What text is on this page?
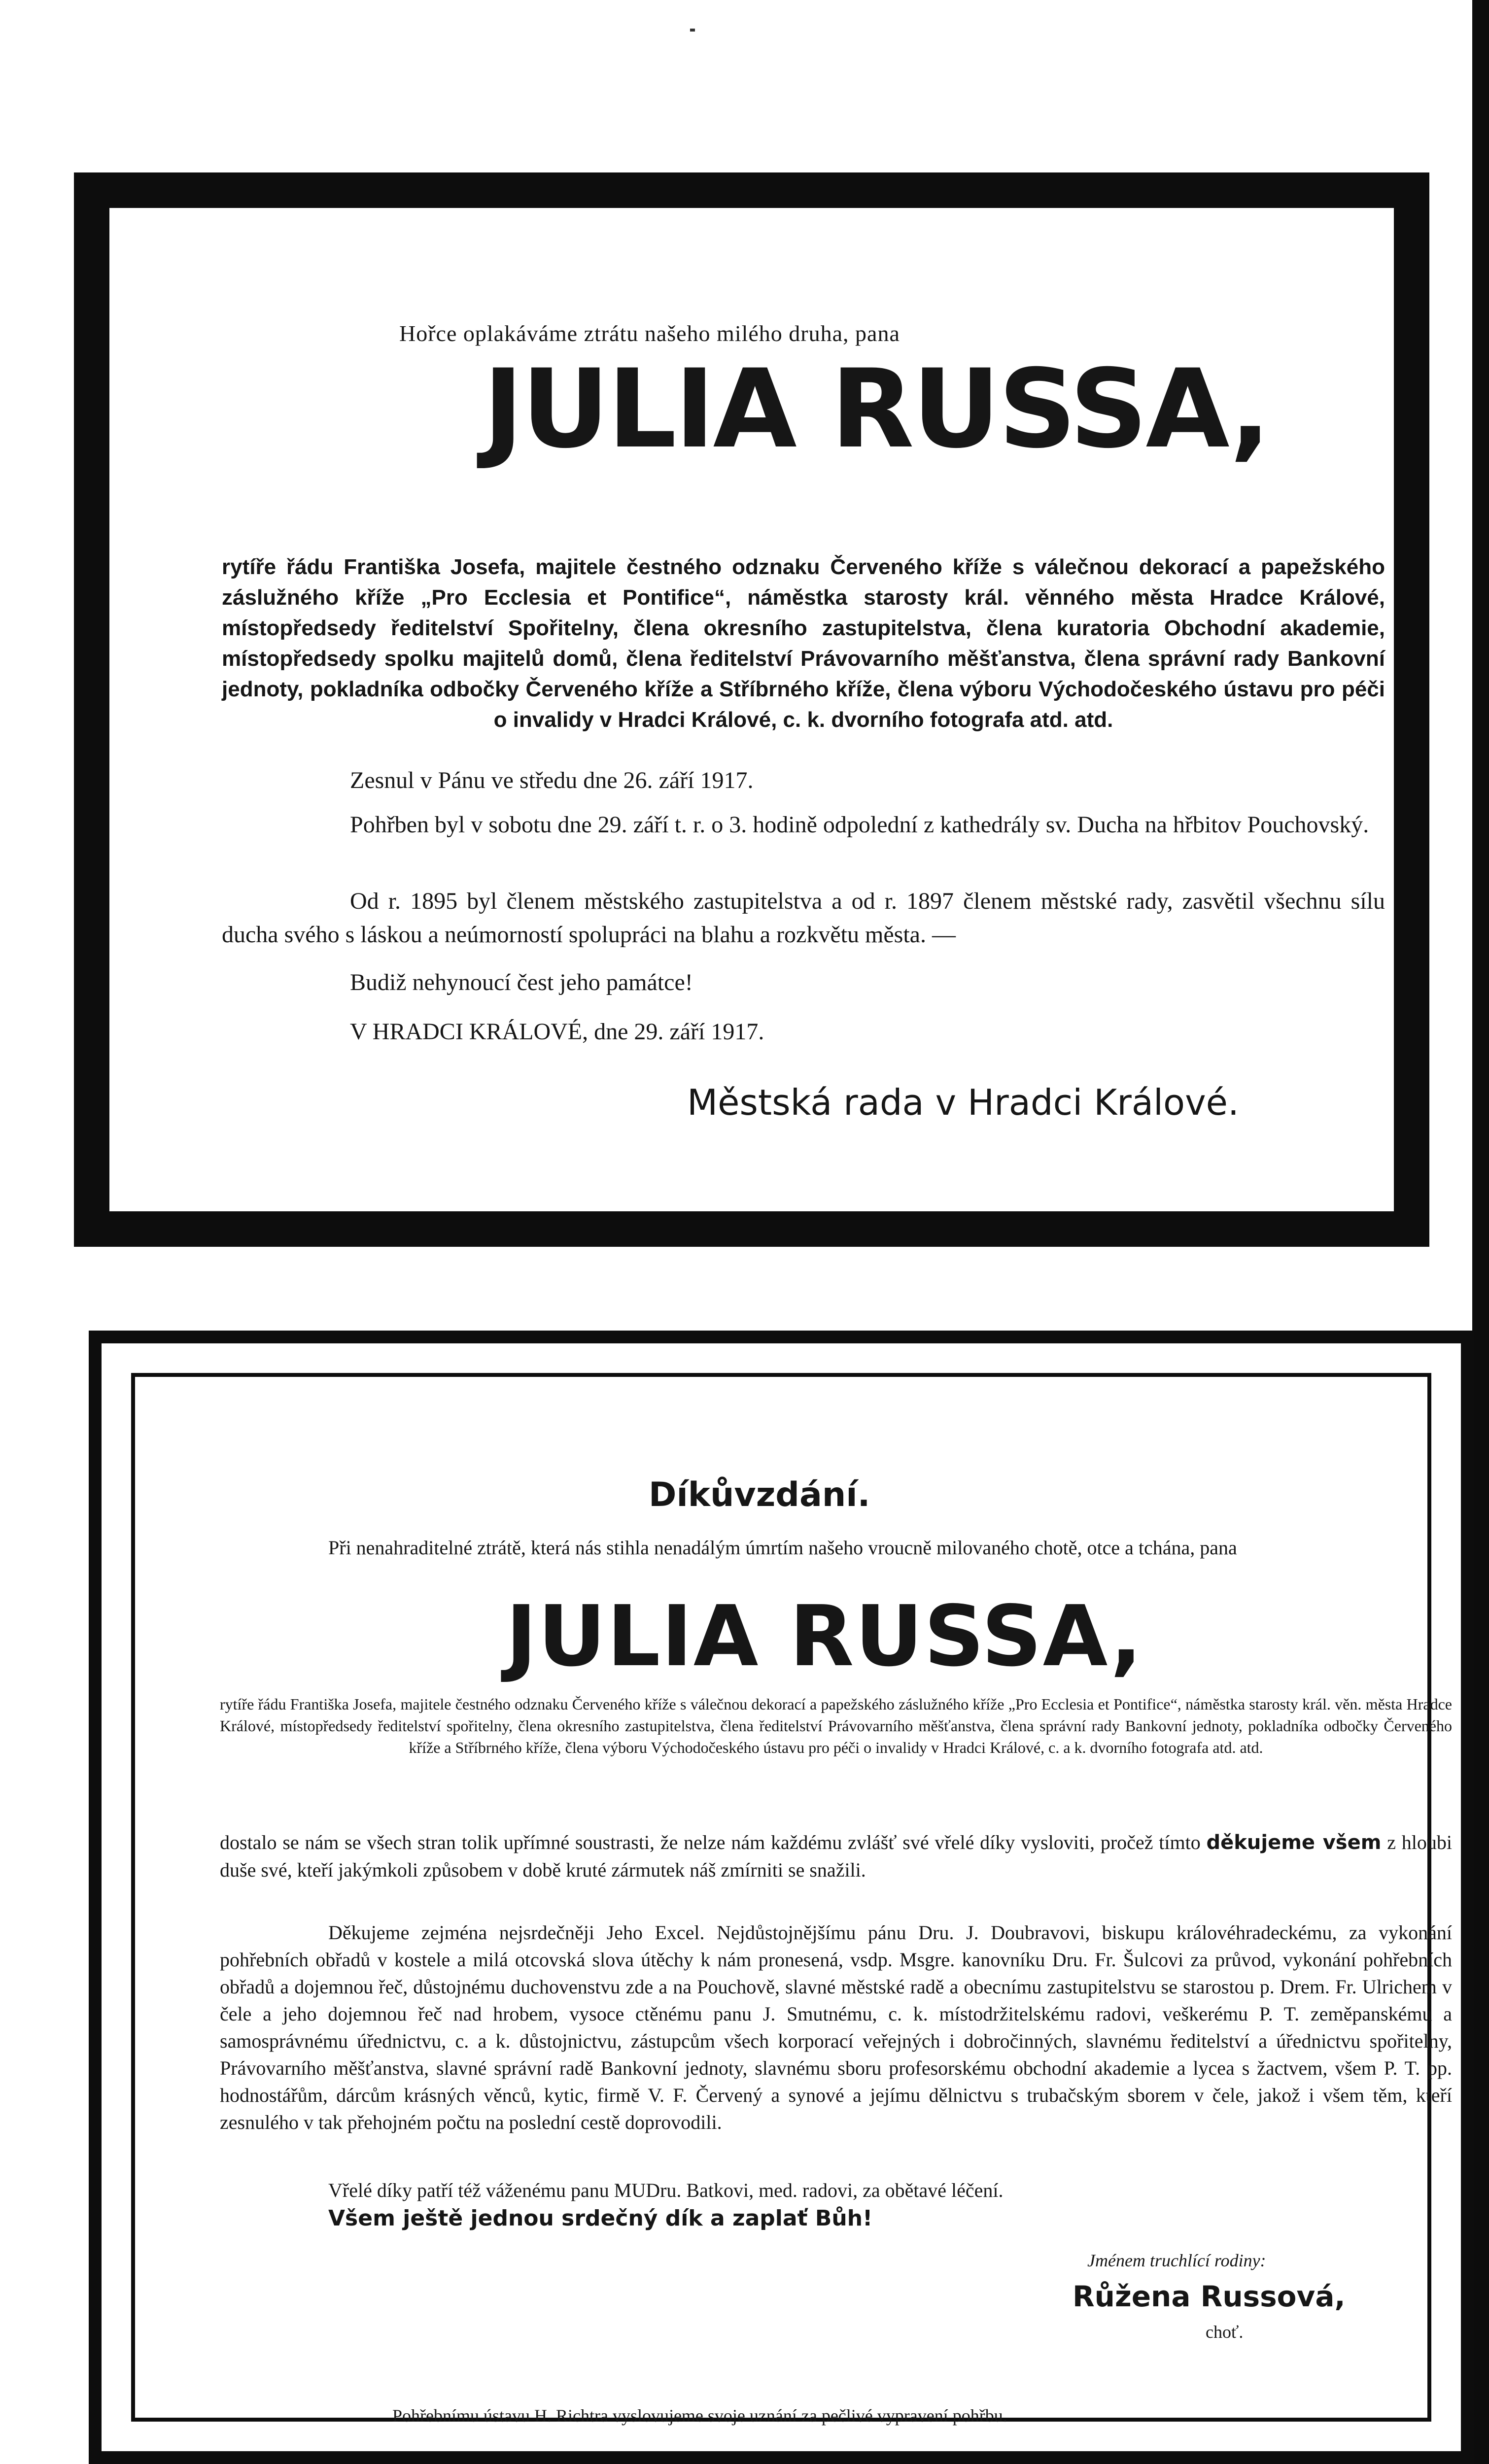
Hořce oplakáváme ztrátu našeho milého druha, pana
JULIA RUSSA,
rytíře řádu Františka Josefa, majitele čestného odznaku Červeného kříže s válečnou dekorací a papežského záslužného kříže „Pro Ecclesia et Pontifice“, náměstka starosty král. věnného města Hradce Králové, místopředsedy ředitelství Spořitelny, člena okresního zastupitelstva, člena kuratoria Obchodní akademie, místopředsedy spolku majitelů domů, člena ředitelství Právovarního měšťanstva, člena správní rady Bankovní jednoty, pokladníka odbočky Červeného kříže a Stříbrného kříže, člena výboru Východočeského ústavu pro péči o invalidy v Hradci Králové, c. k. dvorního fotografa atd. atd.
Zesnul v Pánu ve středu dne 26. září 1917.
Pohřben byl v sobotu dne 29. září t. r. o 3. hodině odpolední z kathedrály sv. Ducha na hřbitov Pouchovský.
Od r. 1895 byl členem městského zastupitelstva a od r. 1897 členem městské rady, zasvětil všechnu sílu ducha svého s láskou a neúmorností spolupráci na blahu a rozkvětu města. —
Budiž nehynoucí čest jeho památce!
V HRADCI KRÁLOVÉ, dne 29. září 1917.
Městská rada v Hradci Králové.
Díkůvzdání.
Při nenahraditelné ztrátě, která nás stihla nenadálým úmrtím našeho vroucně milovaného chotě, otce a tchána, pana
JULIA RUSSA,
rytíře řádu Františka Josefa, majitele čestného odznaku Červeného kříže s válečnou dekorací a papežského záslužného kříže „Pro Ecclesia et Pontifice“, náměstka starosty král. věn. města Hradce Králové, místopředsedy ředitelství spořitelny, člena okresního zastupitelstva, člena ředitelství Právovarního měšťanstva, člena správní rady Bankovní jednoty, pokladníka odbočky Červeného kříže a Stříbrného kříže, člena výboru Východočeského ústavu pro péči o invalidy v Hradci Králové, c. a k. dvorního fotografa atd. atd.
dostalo se nám se všech stran tolik upřímné soustrasti, že nelze nám každému zvlášť své vřelé díky vysloviti, pročež tímto děkujeme všem z hloubi duše své, kteří jakýmkoli způsobem v době kruté zármutek náš zmírniti se snažili.
Děkujeme zejména nejsrdečněji Jeho Excel. Nejdůstojnějšímu pánu Dru. J. Doubravovi, biskupu královéhradeckému, za vykonání pohřebních obřadů v kostele a milá otcovská slova útěchy k nám pronesená, vsdp. Msgre. kanovníku Dru. Fr. Šulcovi za průvod, vykonání pohřebních obřadů a dojemnou řeč, důstojnému duchovenstvu zde a na Pouchově, slavné městské radě a obecnímu zastupitelstvu se starostou p. Drem. Fr. Ulrichem v čele a jeho dojemnou řeč nad hrobem, vysoce ctěnému panu J. Smutnému, c. k. místodržitelskému radovi, veškerému P. T. zeměpanskému a samosprávnému úřednictvu, c. a k. důstojnictvu, zástupcům všech korporací veřejných i dobročinných, slavnému ředitelství a úřednictvu spořitelny, Právovarního měšťanstva, slavné správní radě Bankovní jednoty, slavnému sboru profesorskému obchodní akademie a lycea s žactvem, všem P. T. pp. hodnostářům, dárcům krásných věnců, kytic, firmě V. F. Červený a synové a jejímu dělnictvu s trubačským sborem v čele, jakož i všem těm, kteří zesnulého v tak přehojném počtu na poslední cestě doprovodili.
Vřelé díky patří též váženému panu MUDru. Batkovi, med. radovi, za obětavé léčení.
Všem ještě jednou srdečný dík a zaplať Bůh!
Jménem truchlící rodiny:
Růžena Russová,
choť.
Pohřebnímu ústavu H. Richtra vyslovujeme svoje uznání za pečlivé vypravení pohřbu.
